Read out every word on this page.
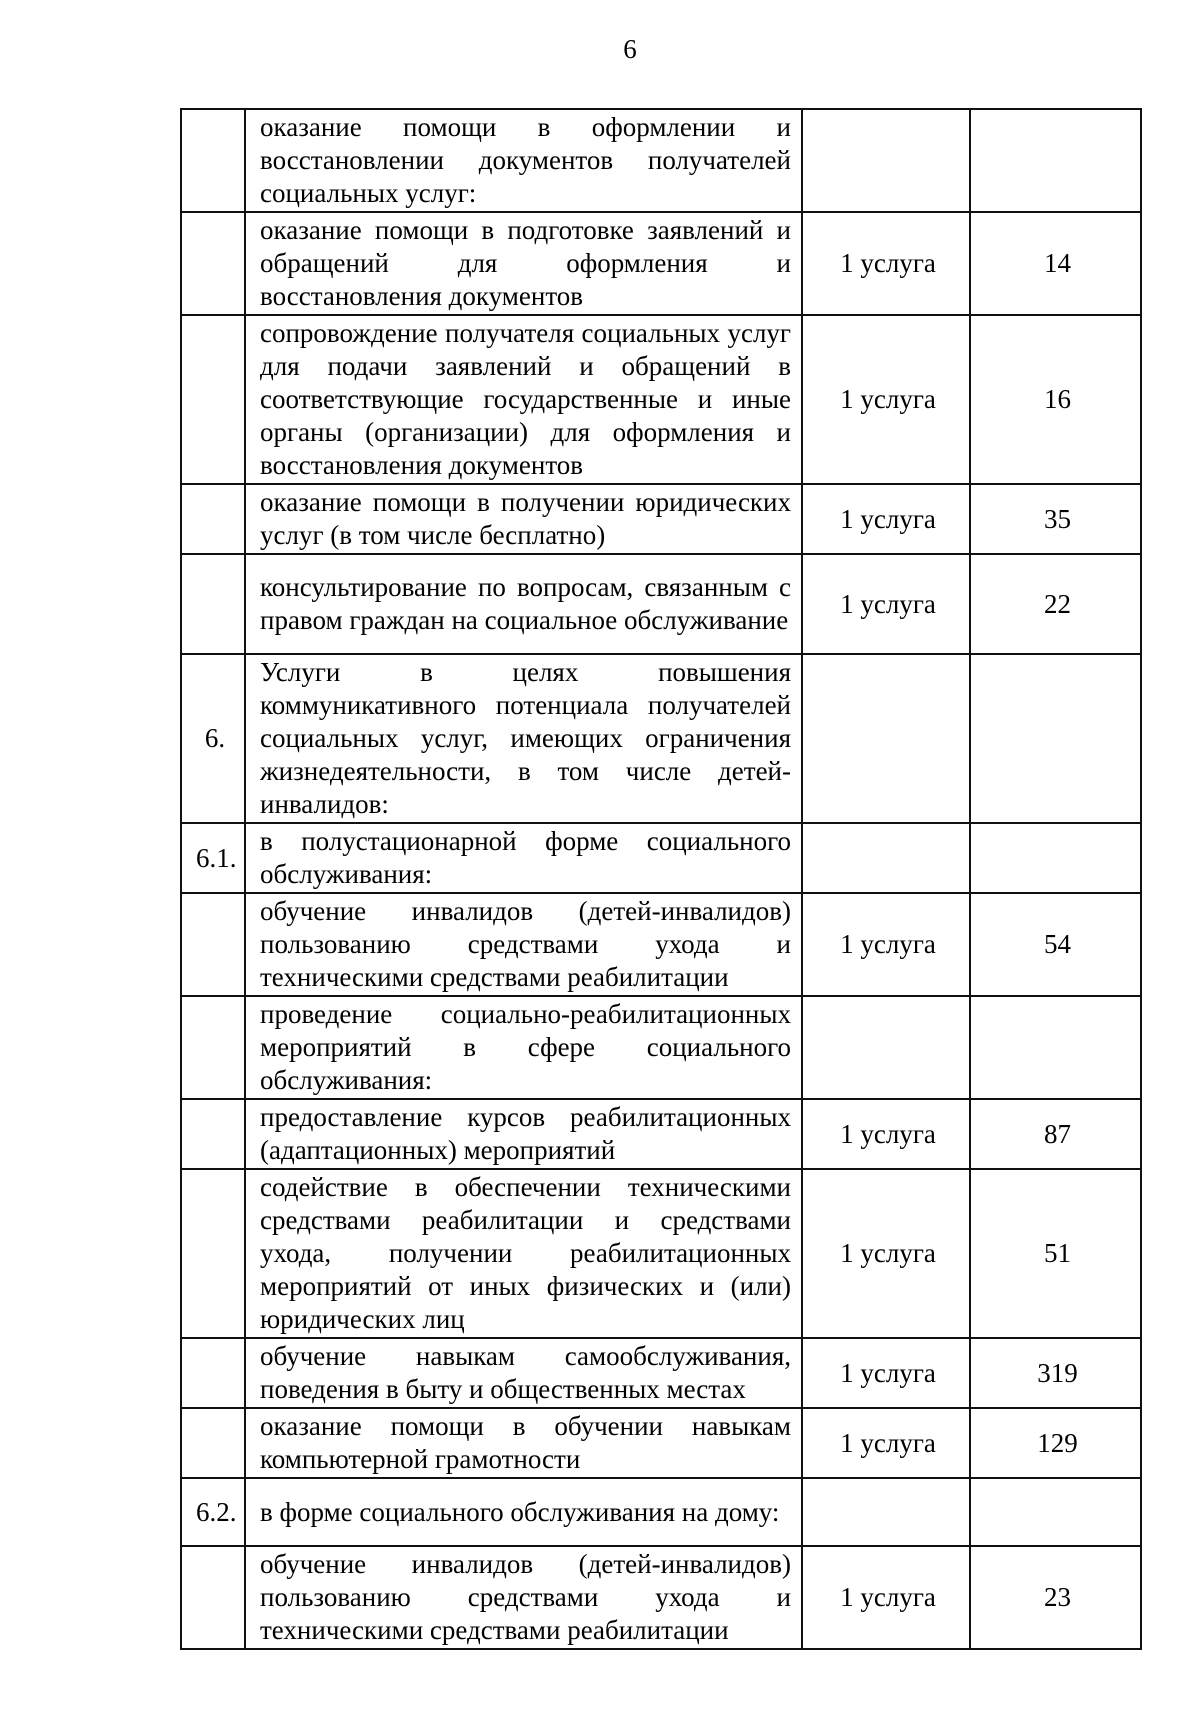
6
	оказание помощи в оформлении и восстановлении документов получателей социальных услуг:		
	оказание помощи в подготовке заявлений и обращений для оформления и восстановления документов	1 услуга	14
	сопровождение получателя социальных услуг для подачи заявлений и обращений в соответствующие государственные и иные органы (организации) для оформления и восстановления документов	1 услуга	16
	оказание помощи в получении юридических услуг (в том числе бесплатно)	1 услуга	35
	консультирование по вопросам, связанным с правом граждан на социальное обслуживание	1 услуга	22
6.	Услуги в целях повышения коммуникативного потенциала получателей социальных услуг, имеющих ограничения жизнедеятельности, в том числе детей-инвалидов:		
6.1.	в полустационарной форме социального обслуживания:		
	обучение инвалидов (детей-инвалидов) пользованию средствами ухода и техническими средствами реабилитации	1 услуга	54
	проведение социально-реабилитационных мероприятий в сфере социального обслуживания:		
	предоставление курсов реабилитационных (адаптационных) мероприятий	1 услуга	87
	содействие в обеспечении техническими средствами реабилитации и средствами ухода, получении реабилитационных мероприятий от иных физических и (или) юридических лиц	1 услуга	51
	обучение навыкам самообслуживания, поведения в быту и общественных местах	1 услуга	319
	оказание помощи в обучении навыкам компьютерной грамотности	1 услуга	129
6.2.	в форме социального обслуживания на дому:		
	обучение инвалидов (детей-инвалидов) пользованию средствами ухода и техническими средствами реабилитации	1 услуга	23
